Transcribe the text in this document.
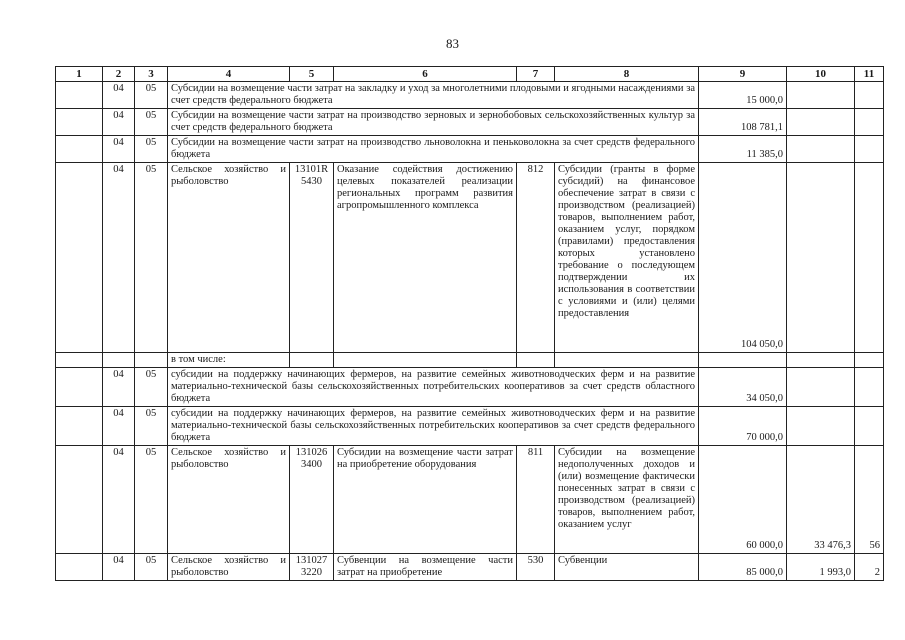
83
1	2	3	4	5	6	7	8	9	10	11
	04	05	Субсидии на возмещение части затрат на закладку и уход за многолетними плодовыми и ягодными насаждениями за счет средств федерального бюджета					15 000,0		
	04	05	Субсидии на возмещение части затрат на производство зерновых и зернобобовых сельскохозяйственных культур за счет средств федерального бюджета					108 781,1		
	04	05	Субсидии на возмещение части затрат на производство льноволокна и пеньковолокна за счет средств федерального бюджета					11 385,0		
	04	05	Сельское хозяйство и рыболовство	13101R 5430	Оказание содействия достижению целевых показателей реализации региональных программ развития агропромышленного комплекса	812	Субсидии (гранты в форме субсидий) на финансовое обеспечение затрат в связи с производством (реализацией) товаров, выполнением работ, оказанием услуг, порядком (правилами) предоставления которых установлено требование о последующем подтверждении их использования в соответствии с условиями и (или) целями предоставления	104 050,0		
			в том числе:							
	04	05	субсидии на поддержку начинающих фермеров, на развитие семейных животноводческих ферм и на развитие материально-технической базы сельскохозяйственных потребительских кооперативов за счет средств областного бюджета					34 050,0		
	04	05	субсидии на поддержку начинающих фермеров, на развитие семейных животноводческих ферм и на развитие материально-технической базы сельскохозяйственных потребительских кооперативов за счет средств федерального бюджета					70 000,0		
	04	05	Сельское хозяйство и рыболовство	131026 3400	Субсидии на возмещение части затрат на приобретение оборудования	811	Субсидии на возмещение недополученных доходов и (или) возмещение фактически понесенных затрат в связи с производством (реализацией) товаров, выполнением работ, оказанием услуг	60 000,0	33 476,3	56
	04	05	Сельское хозяйство и рыболовство	131027 3220	Субвенции на возмещение части затрат на приобретение	530	Субвенции	85 000,0	1 993,0	2
